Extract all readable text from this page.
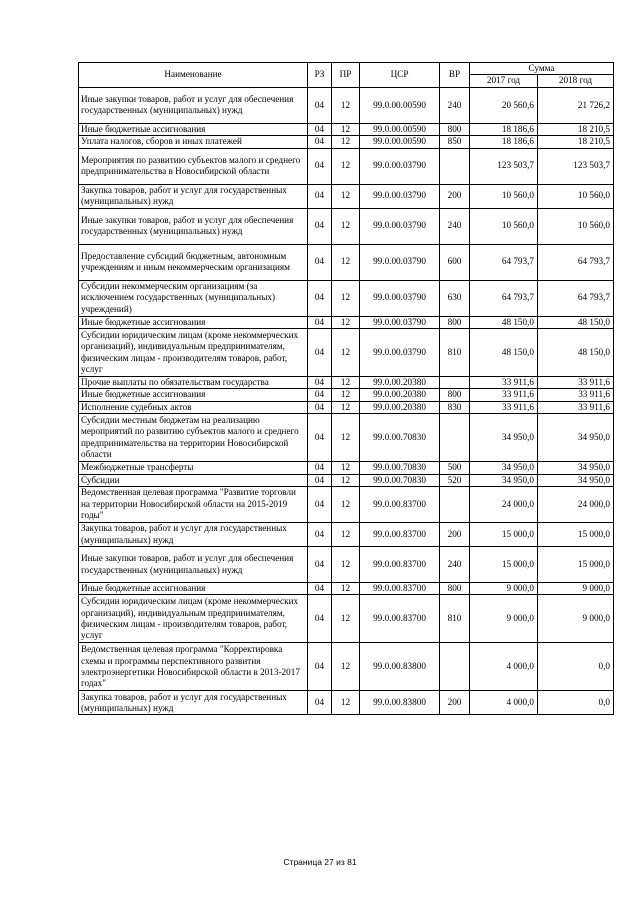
Наименование	РЗ	ПР	ЦСР	ВР	Сумма	
					2017 год	2018 год
Иные закупки товаров, работ и услуг для обеспечения государственных (муниципальных) нужд	04	12	99.0.00.00590	240	20 560,6	21 726,2
Иные бюджетные ассигнования	04	12	99.0.00.00590	800	18 186,6	18 210,5
Уплата налогов, сборов и иных платежей	04	12	99.0.00.00590	850	18 186,6	18 210,5
Мероприятия по развитию субъектов малого и среднего предпринимательства в Новосибирской области	04	12	99.0.00.03790		123 503,7	123 503,7
Закупка товаров, работ и услуг для государственных (муниципальных) нужд	04	12	99.0.00.03790	200	10 560,0	10 560,0
Иные закупки товаров, работ и услуг для обеспечения государственных (муниципальных) нужд	04	12	99.0.00.03790	240	10 560,0	10 560,0
Предоставление субсидий бюджетным, автономным учреждениям и иным некоммерческим организациям	04	12	99.0.00.03790	600	64 793,7	64 793,7
Субсидии некоммерческим организациям (за исключением государственных (муниципальных) учреждений)	04	12	99.0.00.03790	630	64 793,7	64 793,7
Иные бюджетные ассигнования	04	12	99.0.00.03790	800	48 150,0	48 150,0
Субсидии юридическим лицам (кроме некоммерческих организаций), индивидуальным предпринимателям, физическим лицам - производителям товаров, работ, услуг	04	12	99.0.00.03790	810	48 150,0	48 150,0
Прочие выплаты по обязательствам государства	04	12	99.0.00.20380		33 911,6	33 911,6
Иные бюджетные ассигнования	04	12	99.0.00.20380	800	33 911,6	33 911,6
Исполнение судебных актов	04	12	99.0.00.20380	830	33 911,6	33 911,6
Субсидии местным бюджетам на реализацию мероприятий по развитию субъектов малого и среднего предпринимательства на территории Новосибирской области	04	12	99.0.00.70830		34 950,0	34 950,0
Межбюджетные трансферты	04	12	99.0.00.70830	500	34 950,0	34 950,0
Субсидии	04	12	99.0.00.70830	520	34 950,0	34 950,0
Ведомственная целевая программа "Развитие торговли на территории Новосибирской области на 2015-2019 годы"	04	12	99.0.00.83700		24 000,0	24 000,0
Закупка товаров, работ и услуг для государственных (муниципальных) нужд	04	12	99.0.00.83700	200	15 000,0	15 000,0
Иные закупки товаров, работ и услуг для обеспечения государственных (муниципальных) нужд	04	12	99.0.00.83700	240	15 000,0	15 000,0
Иные бюджетные ассигнования	04	12	99.0.00.83700	800	9 000,0	9 000,0
Субсидии юридическим лицам (кроме некоммерческих организаций), индивидуальным предпринимателям, физическим лицам - производителям товаров, работ, услуг	04	12	99.0.00.83700	810	9 000,0	9 000,0
Ведомственная целевая программа "Корректировка схемы и программы перспективного развития электроэнергетики Новосибирской области в 2013-2017 годах"	04	12	99.0.00.83800		4 000,0	0,0
Закупка товаров, работ и услуг для государственных (муниципальных) нужд	04	12	99.0.00.83800	200	4 000,0	0,0
Страница 27 из 81
